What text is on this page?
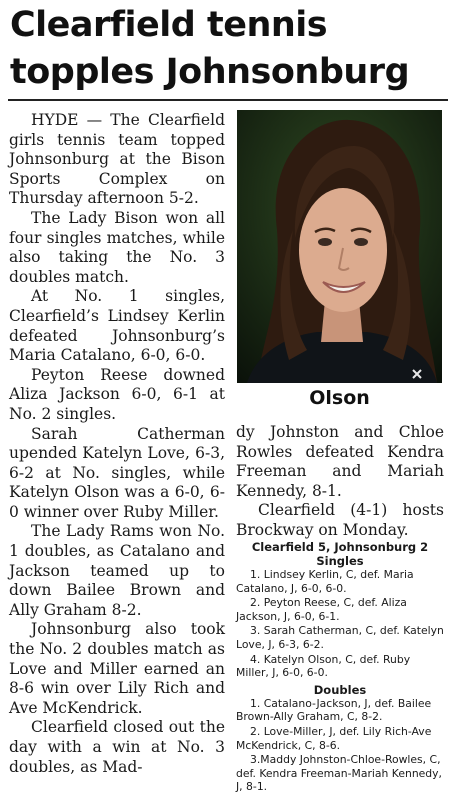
Clearfield tennis
topples Johnsonburg

HYDE — The Clearfield girls tennis team topped Johnsonburg at the Bison Sports Complex on Thursday afternoon 5-2.

The Lady Bison won all four singles matches, while also taking the No. 3 doubles match.

At No. 1 singles, Clearfield’s Lindsey Kerlin defeated Johnsonburg’s Maria Catalano, 6-0, 6-0.

Peyton Reese downed Aliza Jackson 6-0, 6-1 at No. 2 singles.

Sarah Catherman upended Katelyn Love, 6-3, 6-2 at No. singles, while Katelyn Olson was a 6-0, 6-0 winner over Ruby Miller.

The Lady Rams won No. 1 doubles, as Catalano and Jackson teamed up to down Bailee Brown and Ally Graham 8-2.

Johnsonburg also took the No. 2 doubles match as Love and Miller earned an 8-6 win over Lily Rich and Ave McKendrick.

Clearfield closed out the day with a win at No. 3 doubles, as Mad-

Olson

dy Johnston and Chloe Rowles defeated Kendra Freeman and Mariah Kennedy, 8-1.

Clearfield (4-1) hosts Brockway on Monday.

Clearfield 5, Johnsonburg 2
Singles
1. Lindsey Kerlin, C, def. Maria Catalano, J, 6-0, 6-0.
2. Peyton Reese, C, def. Aliza Jackson, J, 6-0, 6-1.
3. Sarah Catherman, C, def. Katelyn Love, J, 6-3, 6-2.
4. Katelyn Olson, C, def. Ruby Miller, J, 6-0, 6-0.
Doubles
1. Catalano-Jackson, J, def. Bailee Brown-Ally Graham, C, 8-2.
2. Love-Miller, J, def. Lily Rich-Ave McKendrick, C, 8-6.
3.Maddy Johnston-Chloe-Rowles, C, def. Kendra Freeman-Mariah Kennedy, J, 8-1.
